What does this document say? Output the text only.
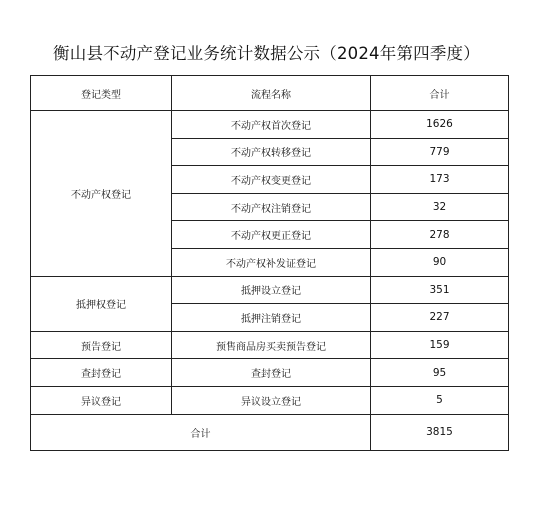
衡山县不动产登记业务统计数据公示（2024年第四季度）
登记类型	流程名称	合计
不动产权登记	不动产权首次登记	1626
	不动产权转移登记	779
	不动产权变更登记	173
	不动产权注销登记	32
	不动产权更正登记	278
	不动产权补发证登记	90
抵押权登记	抵押设立登记	351
	抵押注销登记	227
预告登记	预售商品房买卖预告登记	159
查封登记	查封登记	95
异议登记	异议设立登记	5
合计		3815
